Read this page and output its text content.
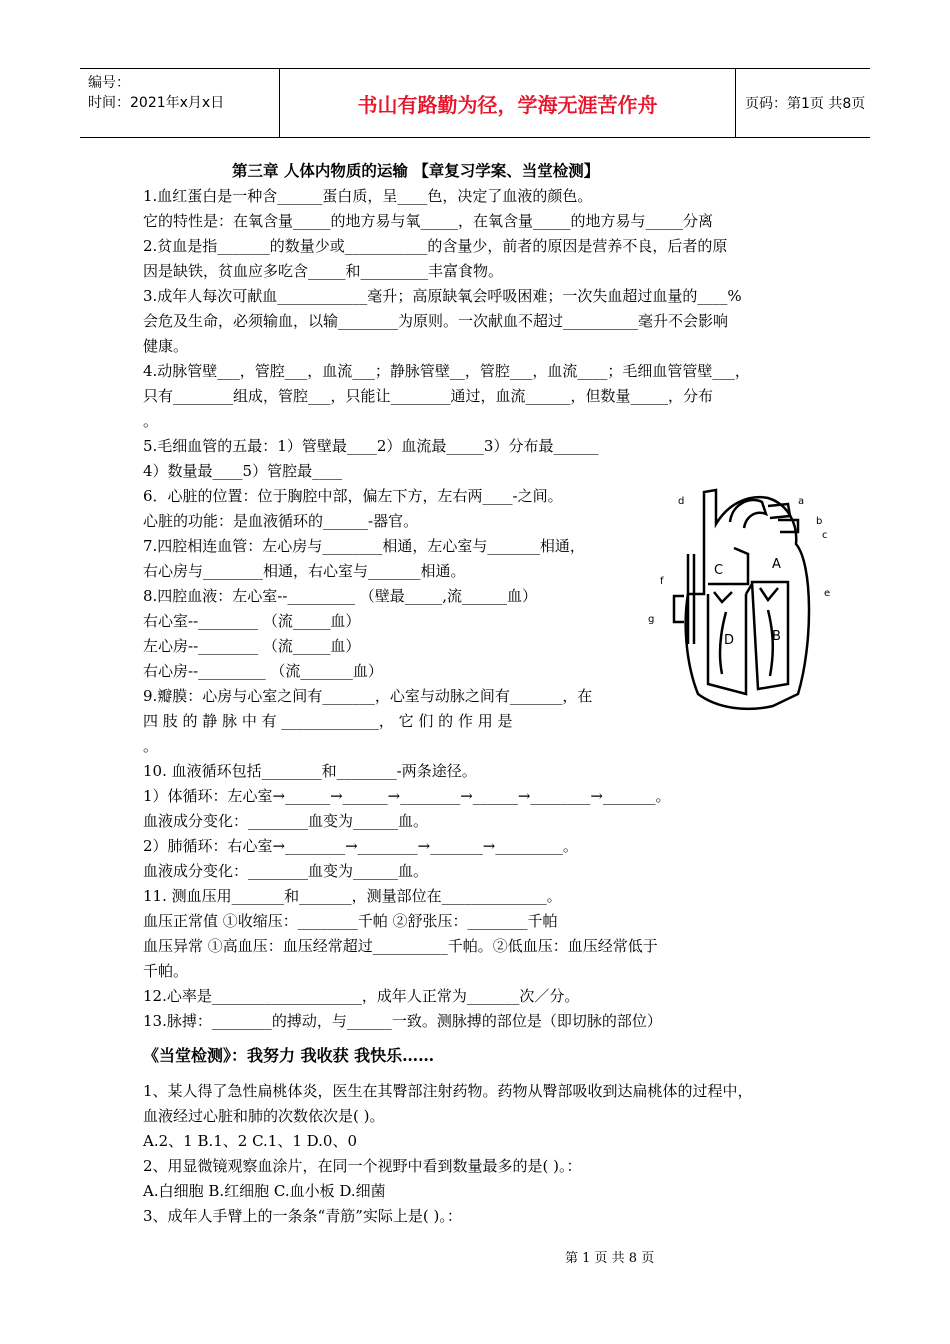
编号：
时间：2021年x月x日	书山有路勤为径，学海无涯苦作舟	页码：第1页 共8页
第三章 人体内物质的运输 【章复习学案、当堂检测】
1.血红蛋白是一种含______蛋白质，呈____色，决定了血液的颜色。
它的特性是：在氧含量_____的地方易与氧_____，在氧含量_____的地方易与_____分离
2.贫血是指_______的数量少或___________的含量少，前者的原因是营养不良，后者的原
因是缺铁，贫血应多吃含_____和_________丰富食物。
3.成年人每次可献血____________毫升；高原缺氧会呼吸困难；一次失血超过血量的____%
会危及生命，必须输血，以输________为原则。一次献血不超过__________毫升不会影响
健康。
4.动脉管壁___，管腔___，血流___；静脉管壁__，管腔___，血流____；毛细血管管壁___，
只有________组成，管腔___，只能让________通过，血流______，但数量_____，分布
。
5.毛细血管的五最：1）管壁最____2）血流最_____3）分布最______
4）数量最____5）管腔最____
6．心脏的位置：位于胸腔中部，偏左下方，左右两____-之间。
心脏的功能：是血液循环的______-器官。
7.四腔相连血管：左心房与________相通，左心室与_______相通，
右心房与________相通，右心室与_______相通。
8.四腔血液：左心室--_________ （壁最_____,流______血）
右心室--________ （流_____血）
左心房--________ （流_____血）
右心房--_________ （流_______血）
9.瓣膜：心房与心室之间有_______，心室与动脉之间有_______，在
四 肢 的 静 脉 中 有 _____________， 它 们 的 作 用 是
。
10. 血液循环包括________和________-两条途径。
1）体循环：左心室→______→______→________→______→________→_______。
血液成分变化：________血变为______血。
2）肺循环：右心室→________→________→_______→_________。
血液成分变化：________血变为______血。
11. 测血压用_______和_______，测量部位在______________。
血压正常值 ①收缩压：________千帕 ②舒张压：________千帕
血压异常 ①高血压：血压经常超过__________千帕。②低血压：血压经常低于
千帕。
12.心率是____________________，成年人正常为_______次／分。
13.脉搏：________的搏动，与______一致。测脉搏的部位是（即切脉的部位）
《当堂检测》：我努力 我收获 我快乐……
1、某人得了急性扁桃体炎，医生在其臀部注射药物。药物从臀部吸收到达扁桃体的过程中，
血液经过心脏和肺的次数依次是( )。
A.2、1 B.1、2 C.1、1 D.0、0
2、用显微镜观察血涂片，在同一个视野中看到数量最多的是( )。：
A.白细胞 B.红细胞 C.血小板 D.细菌
3、成年人手臂上的一条条“青筋”实际上是( )。：
a
b
c
d
e
f
g
A
B
C
D
第 1 页 共 8 页
